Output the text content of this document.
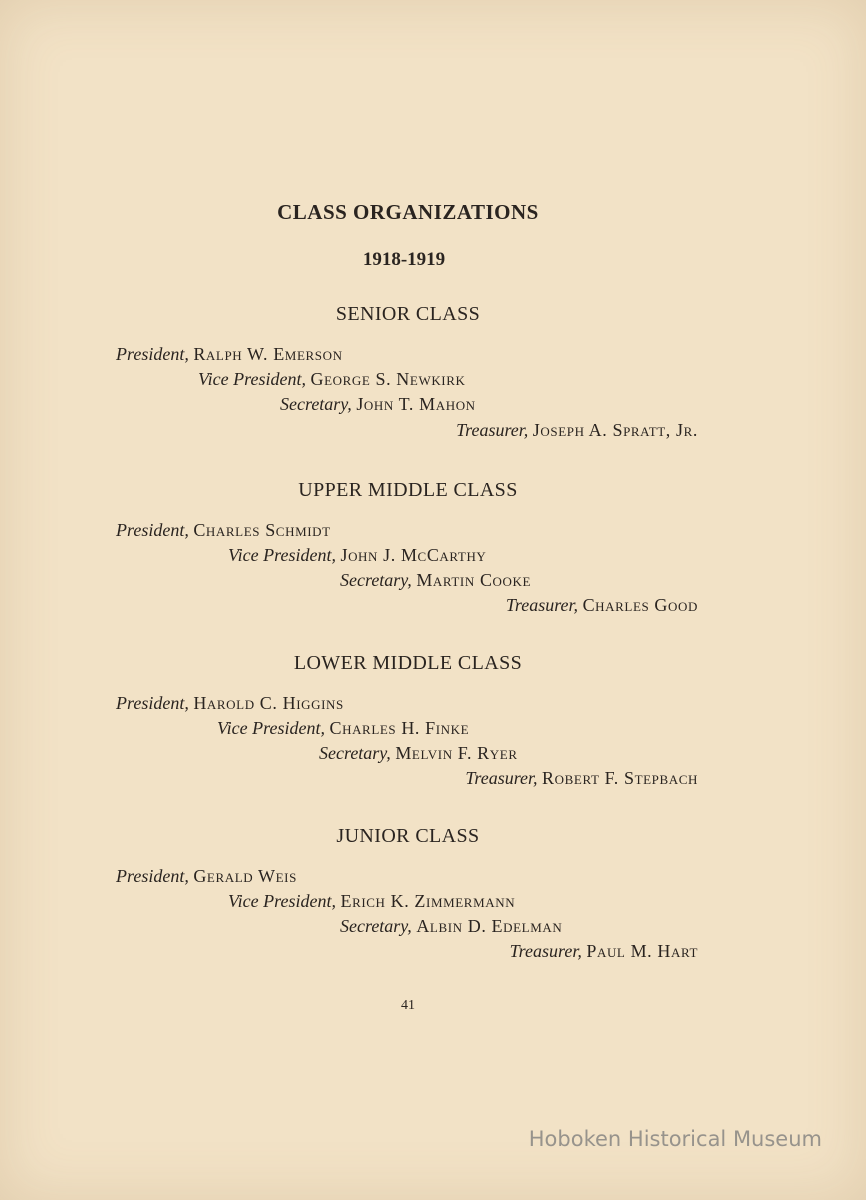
CLASS ORGANIZATIONS
1918-1919
SENIOR CLASS
President, Ralph W. Emerson
Vice President, George S. Newkirk
Secretary, John T. Mahon
Treasurer, Joseph A. Spratt, Jr.
UPPER MIDDLE CLASS
President, Charles Schmidt
Vice President, John J. McCarthy
Secretary, Martin Cooke
Treasurer, Charles Good
LOWER MIDDLE CLASS
President, Harold C. Higgins
Vice President, Charles H. Finke
Secretary, Melvin F. Ryer
Treasurer, Robert F. Stepbach
JUNIOR CLASS
President, Gerald Weis
Vice President, Erich K. Zimmermann
Secretary, Albin D. Edelman
Treasurer, Paul M. Hart
41
Hoboken Historical Museum
